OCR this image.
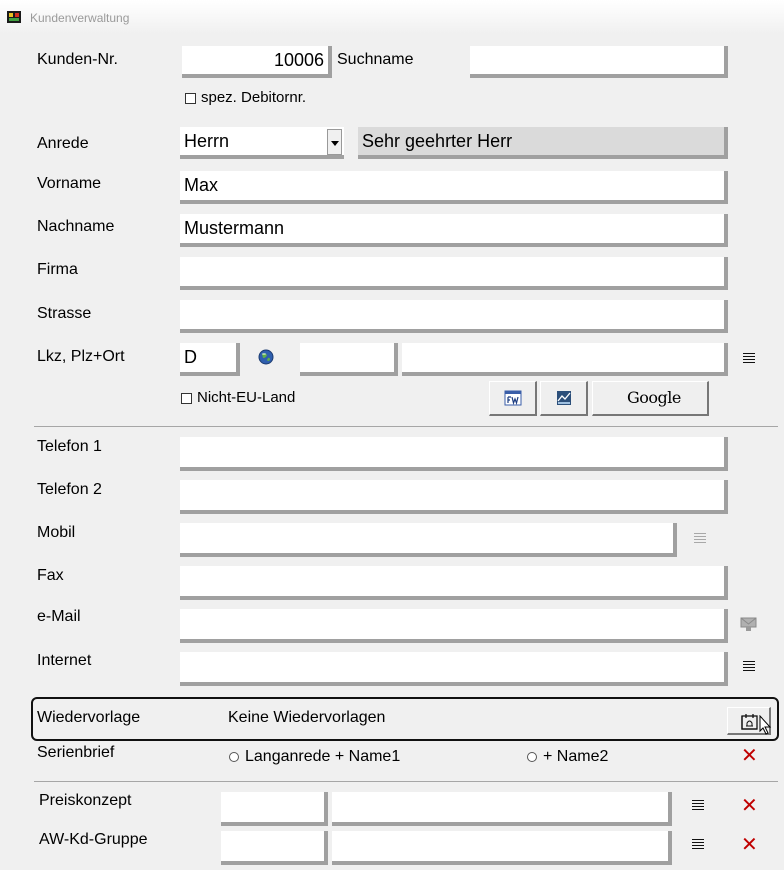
Kundenverwaltung
Kunden-Nr.	10006 Suchname
spez. Debitornr.
Anrede	Herrn	Sehr geehrter Herr
Vorname	Max
Nachname	Mustermann
Firma
Strasse
Lkz, Plz+Ort	D
Nicht-EU-Land	Google
Telefon 1
Telefon 2
Mobil
Fax
e-Mail
Internet
Wiedervorlage	Keine Wiedervorlagen
Serienbrief	Langanrede + Name1	+ Name2	✕
Preiskonzept	✕
AW-Kd-Gruppe	✕
